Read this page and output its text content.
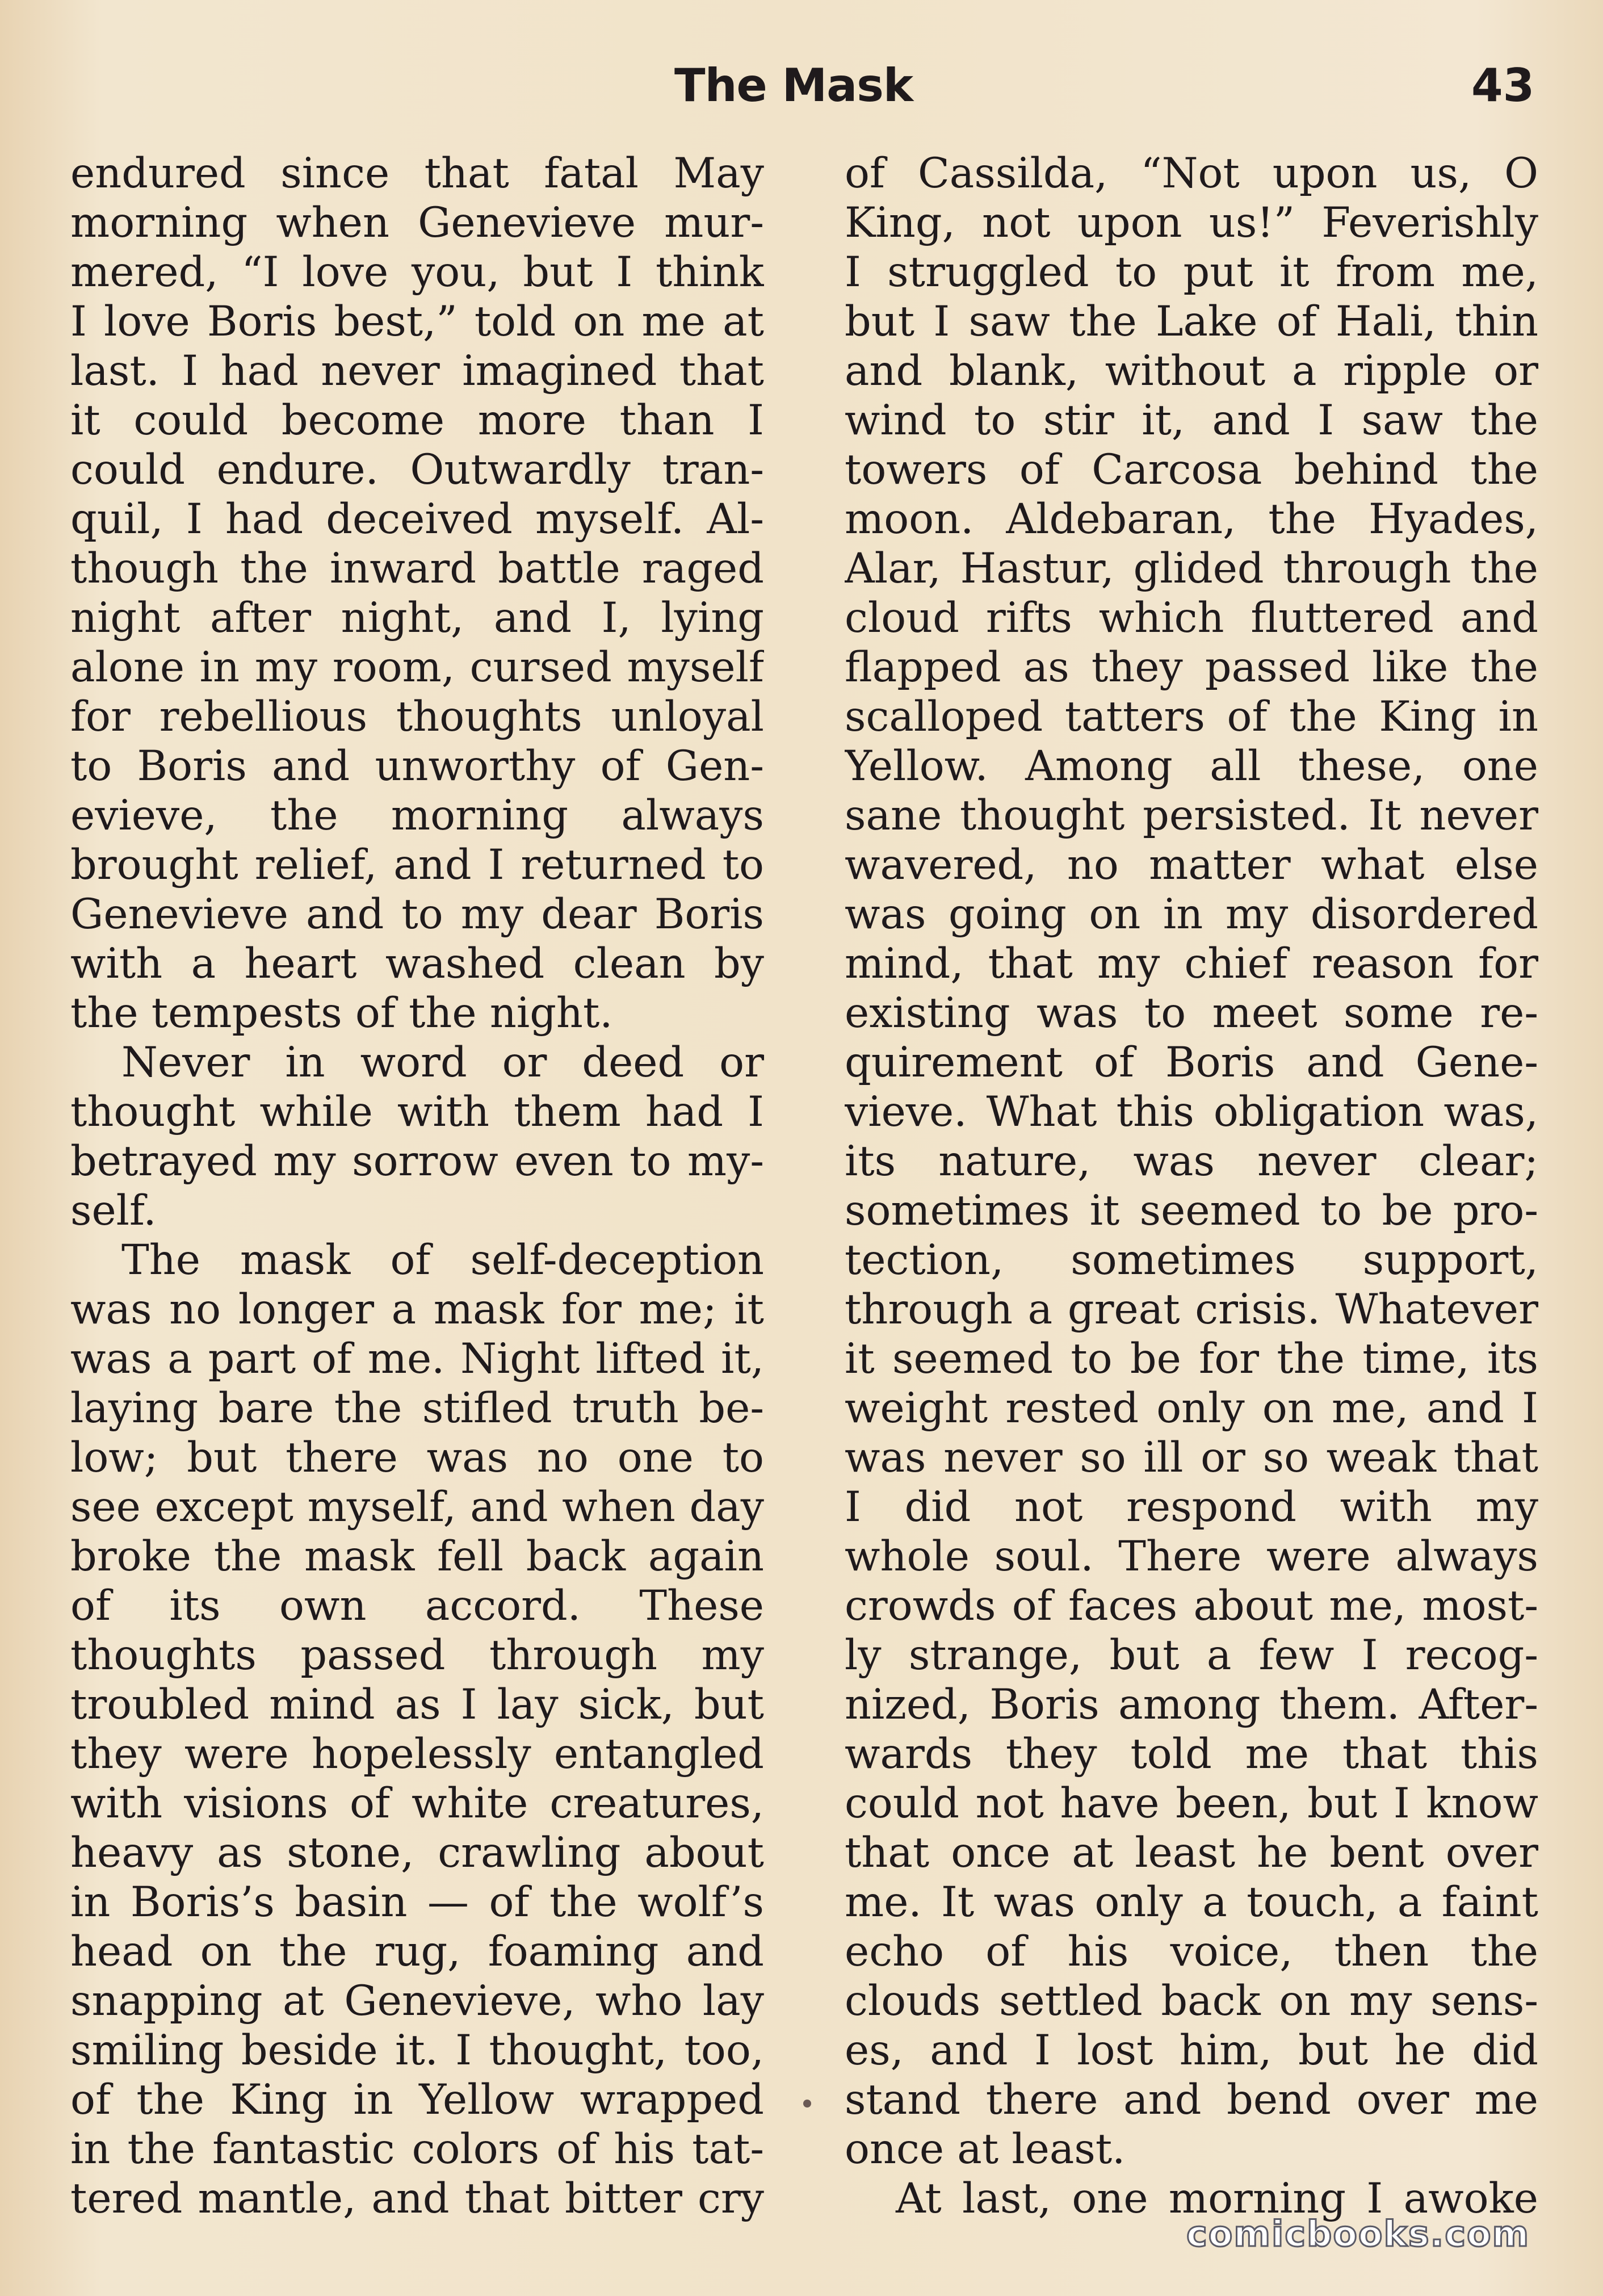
The Mask	43
endured since that fatal May
morning when Genevieve mur-
mered, “I love you, but I think
I love Boris best,” told on me at
last. I had never imagined that
it could become more than I
could endure. Outwardly tran-
quil, I had deceived myself. Al-
though the inward battle raged
night after night, and I, lying
alone in my room, cursed myself
for rebellious thoughts unloyal
to Boris and unworthy of Gen-
evieve, the morning always
brought relief, and I returned to
Genevieve and to my dear Boris
with a heart washed clean by
the tempests of the night.
Never in word or deed or
thought while with them had I
betrayed my sorrow even to my-
self.
The mask of self-deception
was no longer a mask for me; it
was a part of me. Night lifted it,
laying bare the stifled truth be-
low; but there was no one to
see except myself, and when day
broke the mask fell back again
of its own accord. These
thoughts passed through my
troubled mind as I lay sick, but
they were hopelessly entangled
with visions of white creatures,
heavy as stone, crawling about
in Boris’s basin — of the wolf’s
head on the rug, foaming and
snapping at Genevieve, who lay
smiling beside it. I thought, too,
of the King in Yellow wrapped
in the fantastic colors of his tat-
tered mantle, and that bitter cry
of Cassilda, “Not upon us, O
King, not upon us!” Feverishly
I struggled to put it from me,
but I saw the Lake of Hali, thin
and blank, without a ripple or
wind to stir it, and I saw the
towers of Carcosa behind the
moon. Aldebaran, the Hyades,
Alar, Hastur, glided through the
cloud rifts which fluttered and
flapped as they passed like the
scalloped tatters of the King in
Yellow. Among all these, one
sane thought persisted. It never
wavered, no matter what else
was going on in my disordered
mind, that my chief reason for
existing was to meet some re-
quirement of Boris and Gene-
vieve. What this obligation was,
its nature, was never clear;
sometimes it seemed to be pro-
tection, sometimes support,
through a great crisis. Whatever
it seemed to be for the time, its
weight rested only on me, and I
was never so ill or so weak that
I did not respond with my
whole soul. There were always
crowds of faces about me, most-
ly strange, but a few I recog-
nized, Boris among them. After-
wards they told me that this
could not have been, but I know
that once at least he bent over
me. It was only a touch, a faint
echo of his voice, then the
clouds settled back on my sens-
es, and I lost him, but he did
stand there and bend over me
once at least.
At last, one morning I awoke
comicbooks.com
